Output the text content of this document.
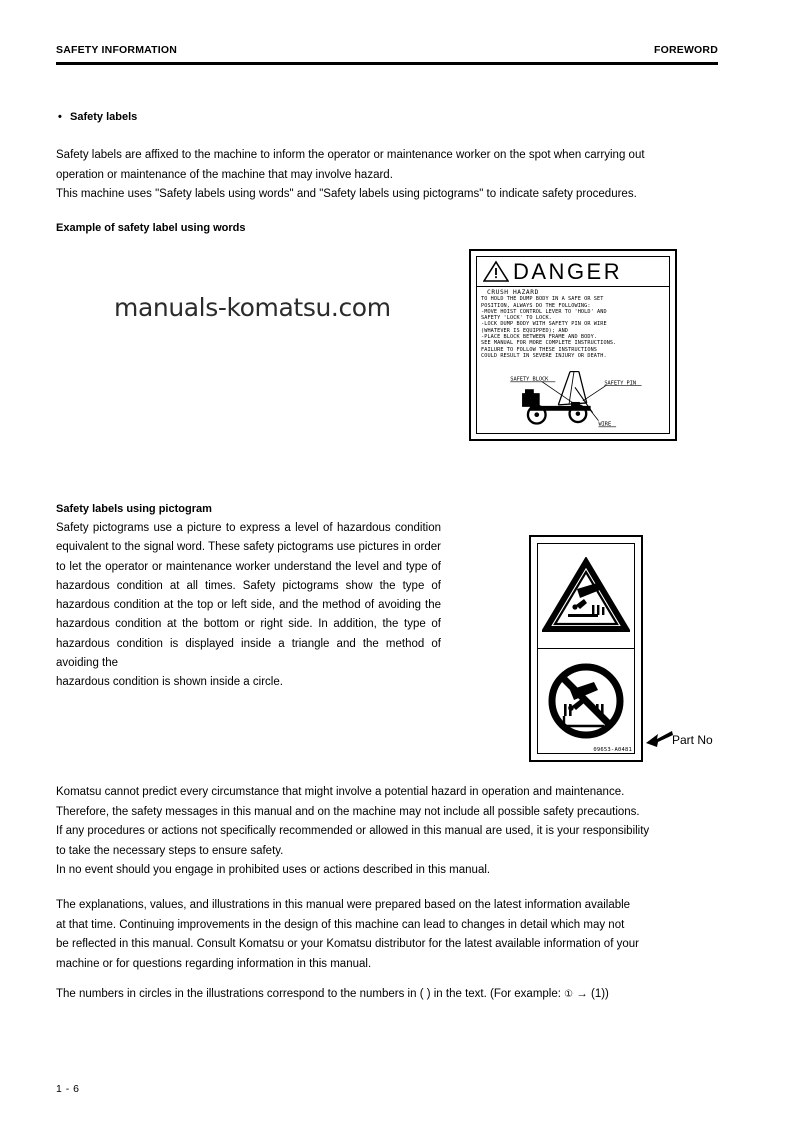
SAFETY INFORMATION	FOREWORD
• Safety labels
Safety labels are affixed to the machine to inform the operator or maintenance worker on the spot when carrying out
operation or maintenance of the machine that may involve hazard.
This machine uses "Safety labels using words" and "Safety labels using pictograms" to indicate safety procedures.
Example of safety label using words
manuals-komatsu.com
DANGER
CRUSH HAZARD
TO HOLD THE DUMP BODY IN A SAFE OR SET
POSITION, ALWAYS DO THE FOLLOWING:
-MOVE HOIST CONTROL LEVER TO 'HOLD' AND
SAFETY 'LOCK' TO LOCK.
-LOCK DUMP BODY WITH SAFETY PIN OR WIRE
(WHATEVER IS EQUIPPED); AND
-PLACE BLOCK BETWEEN FRAME AND BODY.
SEE MANUAL FOR MORE COMPLETE INSTRUCTIONS.
FAILURE TO FOLLOW THESE INSTRUCTIONS
COULD RESULT IN SEVERE INJURY OR DEATH.
SAFETY BLOCK
SAFETY PIN
WIRE
Safety labels using pictogram
Safety pictograms use a picture to express a level of hazardous condition equivalent to the signal word. These safety pictograms use pictures in order to let the operator or maintenance worker understand the level and type of hazardous condition at all times. Safety pictograms show the type of hazardous condition at the top or left side, and the method of avoiding the hazardous condition at the bottom or right side. In addition, the type of hazardous condition is displayed inside a triangle and the method of avoiding the
hazardous condition is shown inside a circle.
09653-A0481
Part No
Komatsu cannot predict every circumstance that might involve a potential hazard in operation and maintenance.
Therefore, the safety messages in this manual and on the machine may not include all possible safety precautions.
If any procedures or actions not specifically recommended or allowed in this manual are used, it is your responsibility
to take the necessary steps to ensure safety.
In no event should you engage in prohibited uses or actions described in this manual.
The explanations, values, and illustrations in this manual were prepared based on the latest information available
at that time. Continuing improvements in the design of this machine can lead to changes in detail which may not
be reflected in this manual. Consult Komatsu or your Komatsu distributor for the latest available information of your
machine or for questions regarding information in this manual.
The numbers in circles in the illustrations correspond to the numbers in ( ) in the text. (For example: ① → (1))
1 - 6
